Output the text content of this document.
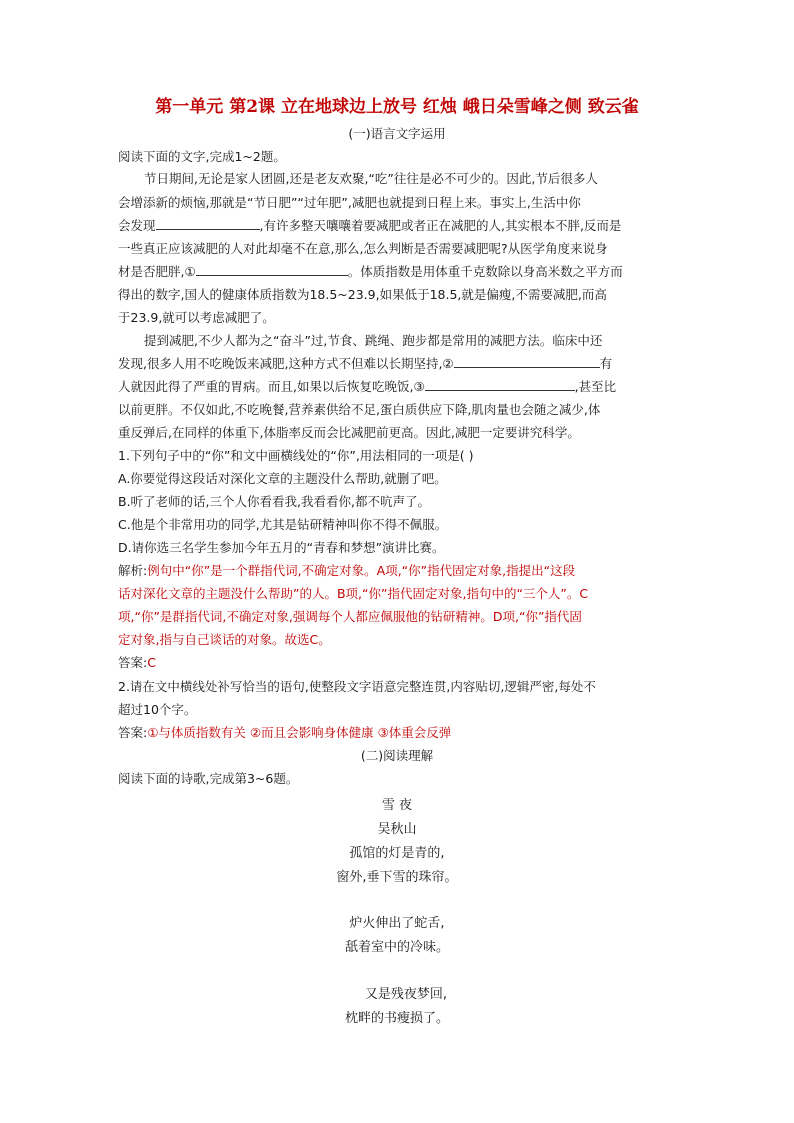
第一单元 第2课 立在地球边上放号 红烛 峨日朵雪峰之侧 致云雀
(一)语言文字运用
阅读下面的文字,完成1~2题。
节日期间,无论是家人团圆,还是老友欢聚,“吃”往往是必不可少的。因此,节后很多人
会增添新的烦恼,那就是“节日肥”“过年肥”,减肥也就提到日程上来。事实上,生活中你
会发现	,有许多整天嚷嚷着要减肥或者正在减肥的人,其实根本不胖,反而是
一些真正应该减肥的人对此却毫不在意,那么,怎么判断是否需要减肥呢?从医学角度来说身
材是否肥胖,①	。体质指数是用体重千克数除以身高米数之平方而
得出的数字,国人的健康体质指数为18.5~23.9,如果低于18.5,就是偏瘦,不需要减肥,而高
于23.9,就可以考虑减肥了。
提到减肥,不少人都为之“奋斗”过,节食、跳绳、跑步都是常用的减肥方法。临床中还
发现,很多人用不吃晚饭来减肥,这种方式不但难以长期坚持,②	有
人就因此得了严重的胃病。而且,如果以后恢复吃晚饭,③	,甚至比
以前更胖。不仅如此,不吃晚餐,营养素供给不足,蛋白质供应下降,肌肉量也会随之减少,体
重反弹后,在同样的体重下,体脂率反而会比减肥前更高。因此,减肥一定要讲究科学。
1.下列句子中的“你”和文中画横线处的“你”,用法相同的一项是( )
A.你要觉得这段话对深化文章的主题没什么帮助,就删了吧。
B.听了老师的话,三个人你看看我,我看看你,都不吭声了。
C.他是个非常用功的同学,尤其是钻研精神叫你不得不佩服。
D.请你选三名学生参加今年五月的“青春和梦想”演讲比赛。
解析:例句中“你”是一个群指代词,不确定对象。A项,“你”指代固定对象,指提出“这段
话对深化文章的主题没什么帮助”的人。B项,“你”指代固定对象,指句中的“三个人”。C
项,“你”是群指代词,不确定对象,强调每个人都应佩服他的钻研精神。D项,“你”指代固
定对象,指与自己谈话的对象。故选C。
答案:C
2.请在文中横线处补写恰当的语句,使整段文字语意完整连贯,内容贴切,逻辑严密,每处不
超过10个字。
答案:①与体质指数有关 ②而且会影响身体健康 ③体重会反弹
(二)阅读理解
阅读下面的诗歌,完成第3~6题。
雪 夜
吴秋山
孤馆的灯是青的,
窗外,垂下雪的珠帘。
炉火伸出了蛇舌,
舐着室中的冷味。
又是残夜梦回,
枕畔的书瘦损了。
